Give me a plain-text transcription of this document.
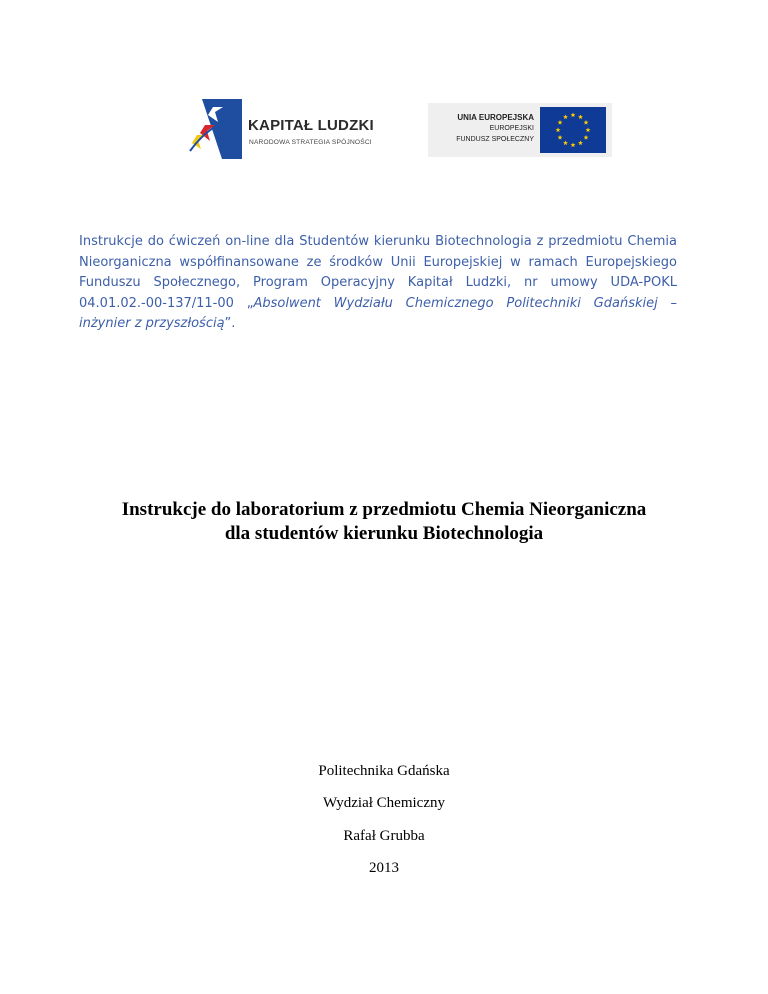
KAPITAŁ LUDZKI
NARODOWA STRATEGIA SPÓJNOŚCI
UNIA EUROPEJSKA
EUROPEJSKI
FUNDUSZ SPOŁECZNY

Instrukcje do ćwiczeń on-line dla Studentów kierunku Biotechnologia z przedmiotu Chemia Nieorganiczna współfinansowane ze środków Unii Europejskiej w ramach Europejskiego Funduszu Społecznego, Program Operacyjny Kapitał Ludzki, nr umowy UDA-POKL 04.01.02.-00-137/11-00 „Absolwent Wydziału Chemicznego Politechniki Gdańskiej – inżynier z przyszłością”.

Instrukcje do laboratorium z przedmiotu Chemia Nieorganiczna
dla studentów kierunku Biotechnologia

Politechnika Gdańska

Wydział Chemiczny

Rafał Grubba

2013
